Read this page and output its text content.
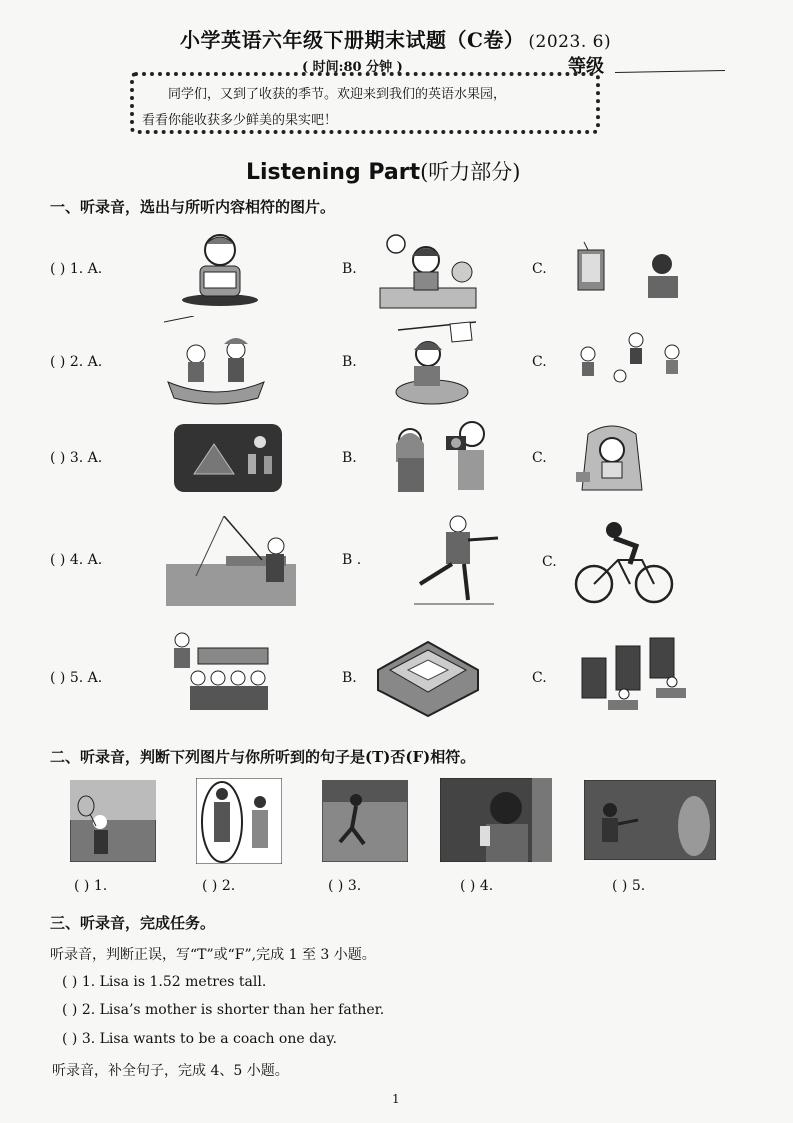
小学英语六年级下册期末试题（C卷） (2023. 6)
( 时间:80 分钟 )	等级
同学们，又到了收获的季节。欢迎来到我们的英语水果园，
看看你能收获多少鲜美的果实吧！
Listening Part(听力部分)
一、听录音，选出与所听内容相符的图片。
( ) 1. A.	B.	C.
( ) 2. A.	B.	C.
( ) 3. A.	B.	C.
( ) 4. A.	B .	C.
( ) 5. A.	B.	C.
二、听录音，判断下列图片与你所听到的句子是(T)否(F)相符。
( ) 1.	( ) 2.	( ) 3.	( ) 4.	( ) 5.
三、听录音，完成任务。
听录音，判断正误，写“T”或“F”,完成 1 至 3 小题。
( ) 1. Lisa is 1.52 metres tall.
( ) 2. Lisa’s mother is shorter than her father.
( ) 3. Lisa wants to be a coach one day.
听录音，补全句子，完成 4、5 小题。
1
